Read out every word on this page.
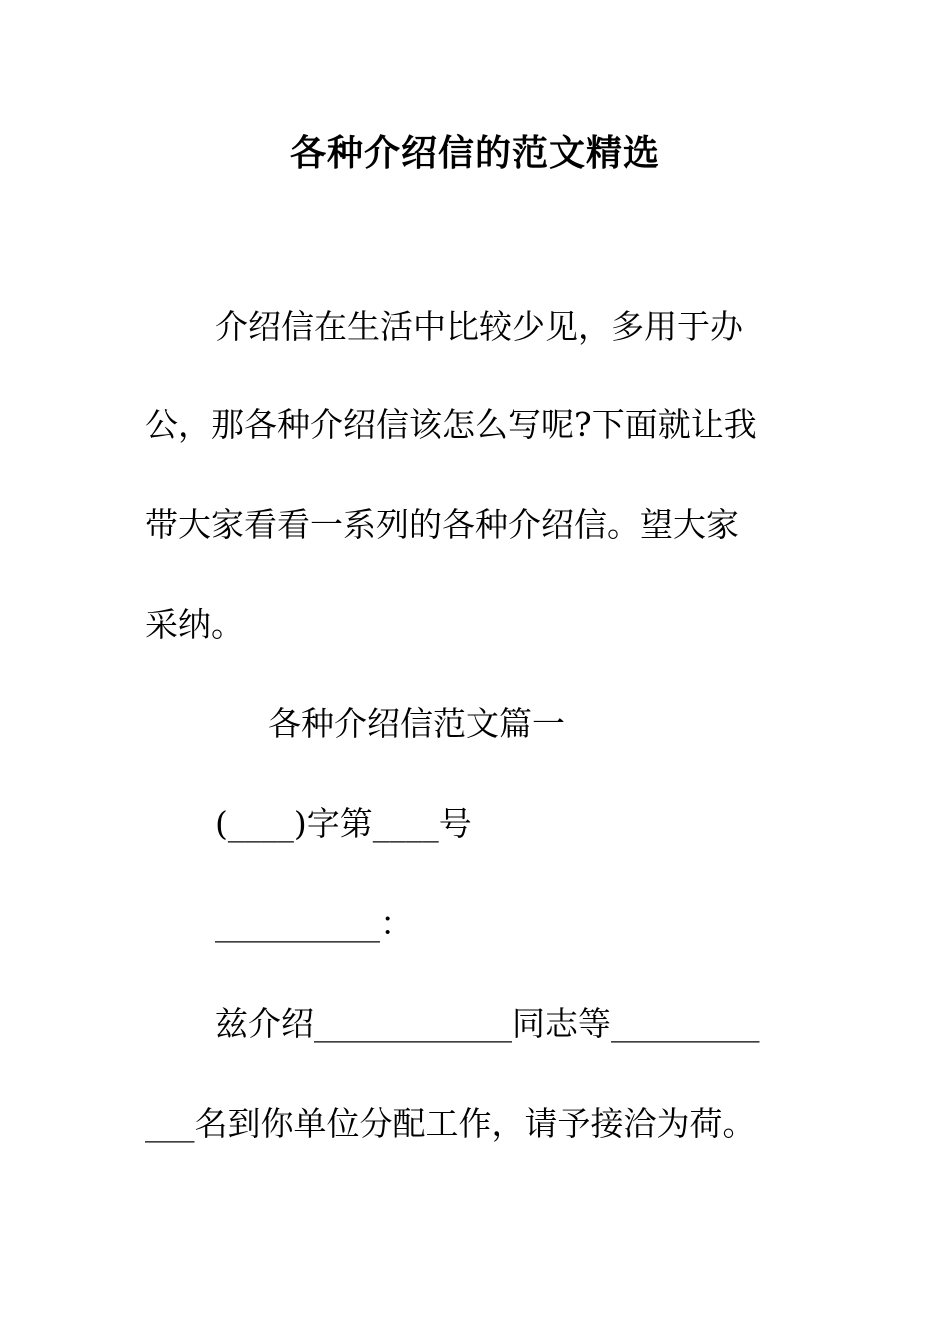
各种介绍信的范文精选

介绍信在生活中比较少见，多用于办

公，那各种介绍信该怎么写呢?下面就让我

带大家看看一系列的各种介绍信。望大家

采纳。

各种介绍信范文篇一

(____)字第____号

__________：

兹介绍____________同志等_________

___名到你单位分配工作，请予接洽为荷。
